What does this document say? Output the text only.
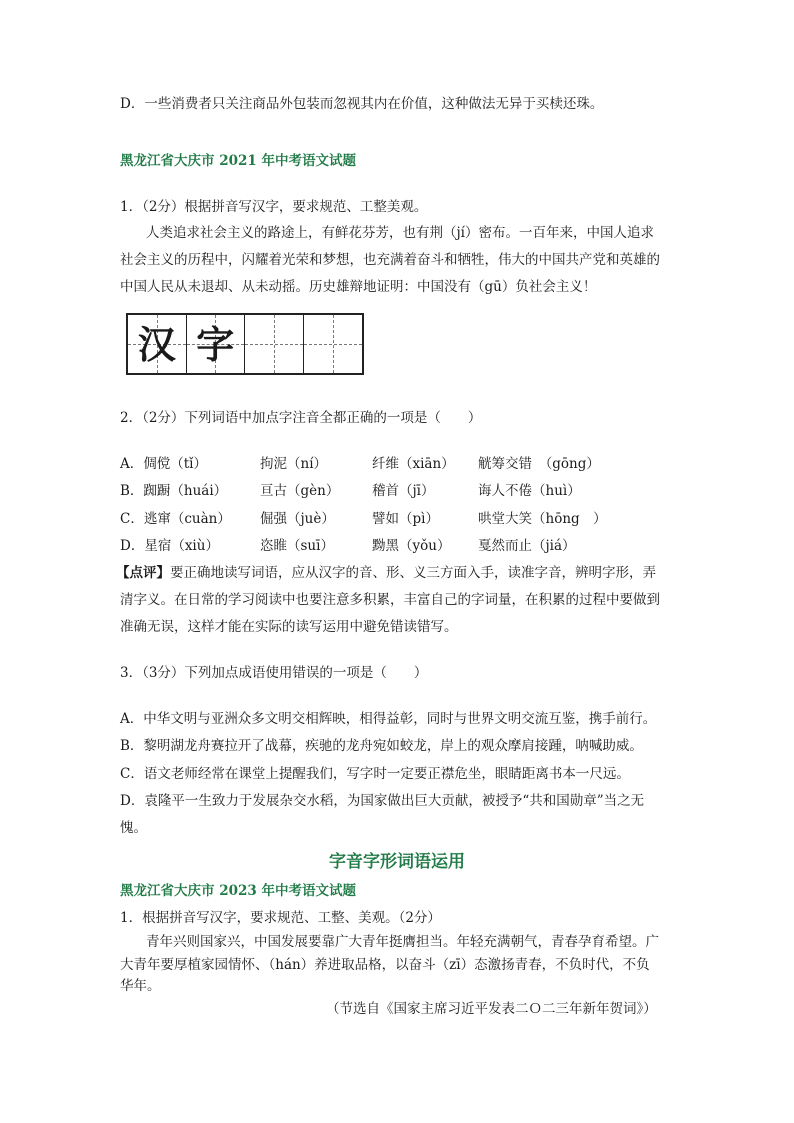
D．一些消费者只关注商品外包装而忽视其内在价值，这种做法无异于买椟还珠。
黑龙江省大庆市 2021 年中考语文试题
1．（2分）根据拼音写汉字，要求规范、工整美观。
人类追求社会主义的路途上，有鲜花芬芳，也有荆（jí）密布。一百年来，中国人追求
社会主义的历程中，闪耀着光荣和梦想，也充满着奋斗和牺牲，伟大的中国共产党和英雄的
中国人民从未退却、从未动摇。历史雄辩地证明：中国没有（gū）负社会主义！
汉 字
2．（2分）下列词语中加点字注音全都正确的一项是（　　）
A．倜傥（tǐ）	拘泥（ní）	纤维（xiān） 觥筹交错　（gōng）
B．踟蹰（huái） 亘古（gèn） 稽首（jī）	诲人不倦（huì）
C．逃窜（cuàn） 倔强（juè）	譬如（pì）	哄堂大笑（hōng　）
D．星宿（xiù）	恣睢（suī）	黝黑（yǒu） 戛然而止（jiá）
【点评】要正确地读写词语，应从汉字的音、形、义三方面入手，读准字音，辨明字形，弄
清字义。在日常的学习阅读中也要注意多积累，丰富自己的字词量，在积累的过程中要做到
准确无误，这样才能在实际的读写运用中避免错读错写。
3．（3分）下列加点成语使用错误的一项是（　　）
A．中华文明与亚洲众多文明交相辉映，相得益彰，同时与世界文明交流互鉴，携手前行。
B．黎明湖龙舟赛拉开了战幕，疾驰的龙舟宛如蛟龙，岸上的观众摩肩接踵，呐喊助威。
C．语文老师经常在课堂上提醒我们，写字时一定要正襟危坐，眼睛距离书本一尺远。
D．袁隆平一生致力于发展杂交水稻，为国家做出巨大贡献，被授予“共和国勋章”当之无
愧。
字音字形词语运用
黑龙江省大庆市 2023 年中考语文试题
1．根据拼音写汉字，要求规范、工整、美观。（2分）
青年兴则国家兴，中国发展要靠广大青年挺膺担当。年轻充满朝气，青春孕育希望。广
大青年要厚植家园情怀、（hán）养进取品格，以奋斗（zī）态激扬青春，不负时代，不负
华年。
（节选自《国家主席习近平发表二Ｏ二三年新年贺词》）
